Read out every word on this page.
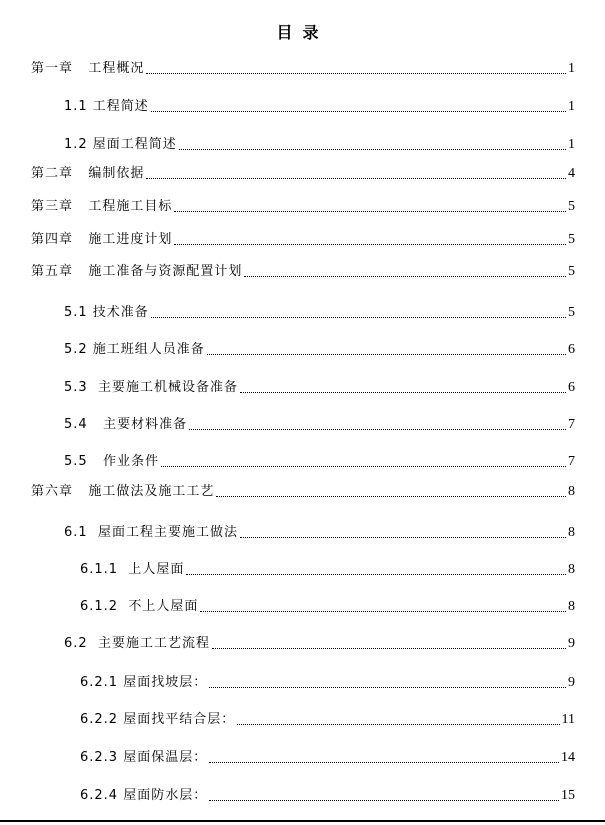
目录
第一章   工程概况	1
1.1 工程简述	1
1.2 屋面工程简述	1
第二章   编制依据	4
第三章   工程施工目标	5
第四章   施工进度计划	5
第五章   施工准备与资源配置计划	5
5.1 技术准备	5
5.2 施工班组人员准备	6
5.3  主要施工机械设备准备	6
5.4   主要材料准备	7
5.5   作业条件	7
第六章   施工做法及施工工艺	8
6.1  屋面工程主要施工做法	8
6.1.1  上人屋面	8
6.1.2  不上人屋面	8
6.2  主要施工工艺流程	9
6.2.1 屋面找坡层：	9
6.2.2 屋面找平结合层：	11
6.2.3 屋面保温层：	14
6.2.4 屋面防水层：	15
